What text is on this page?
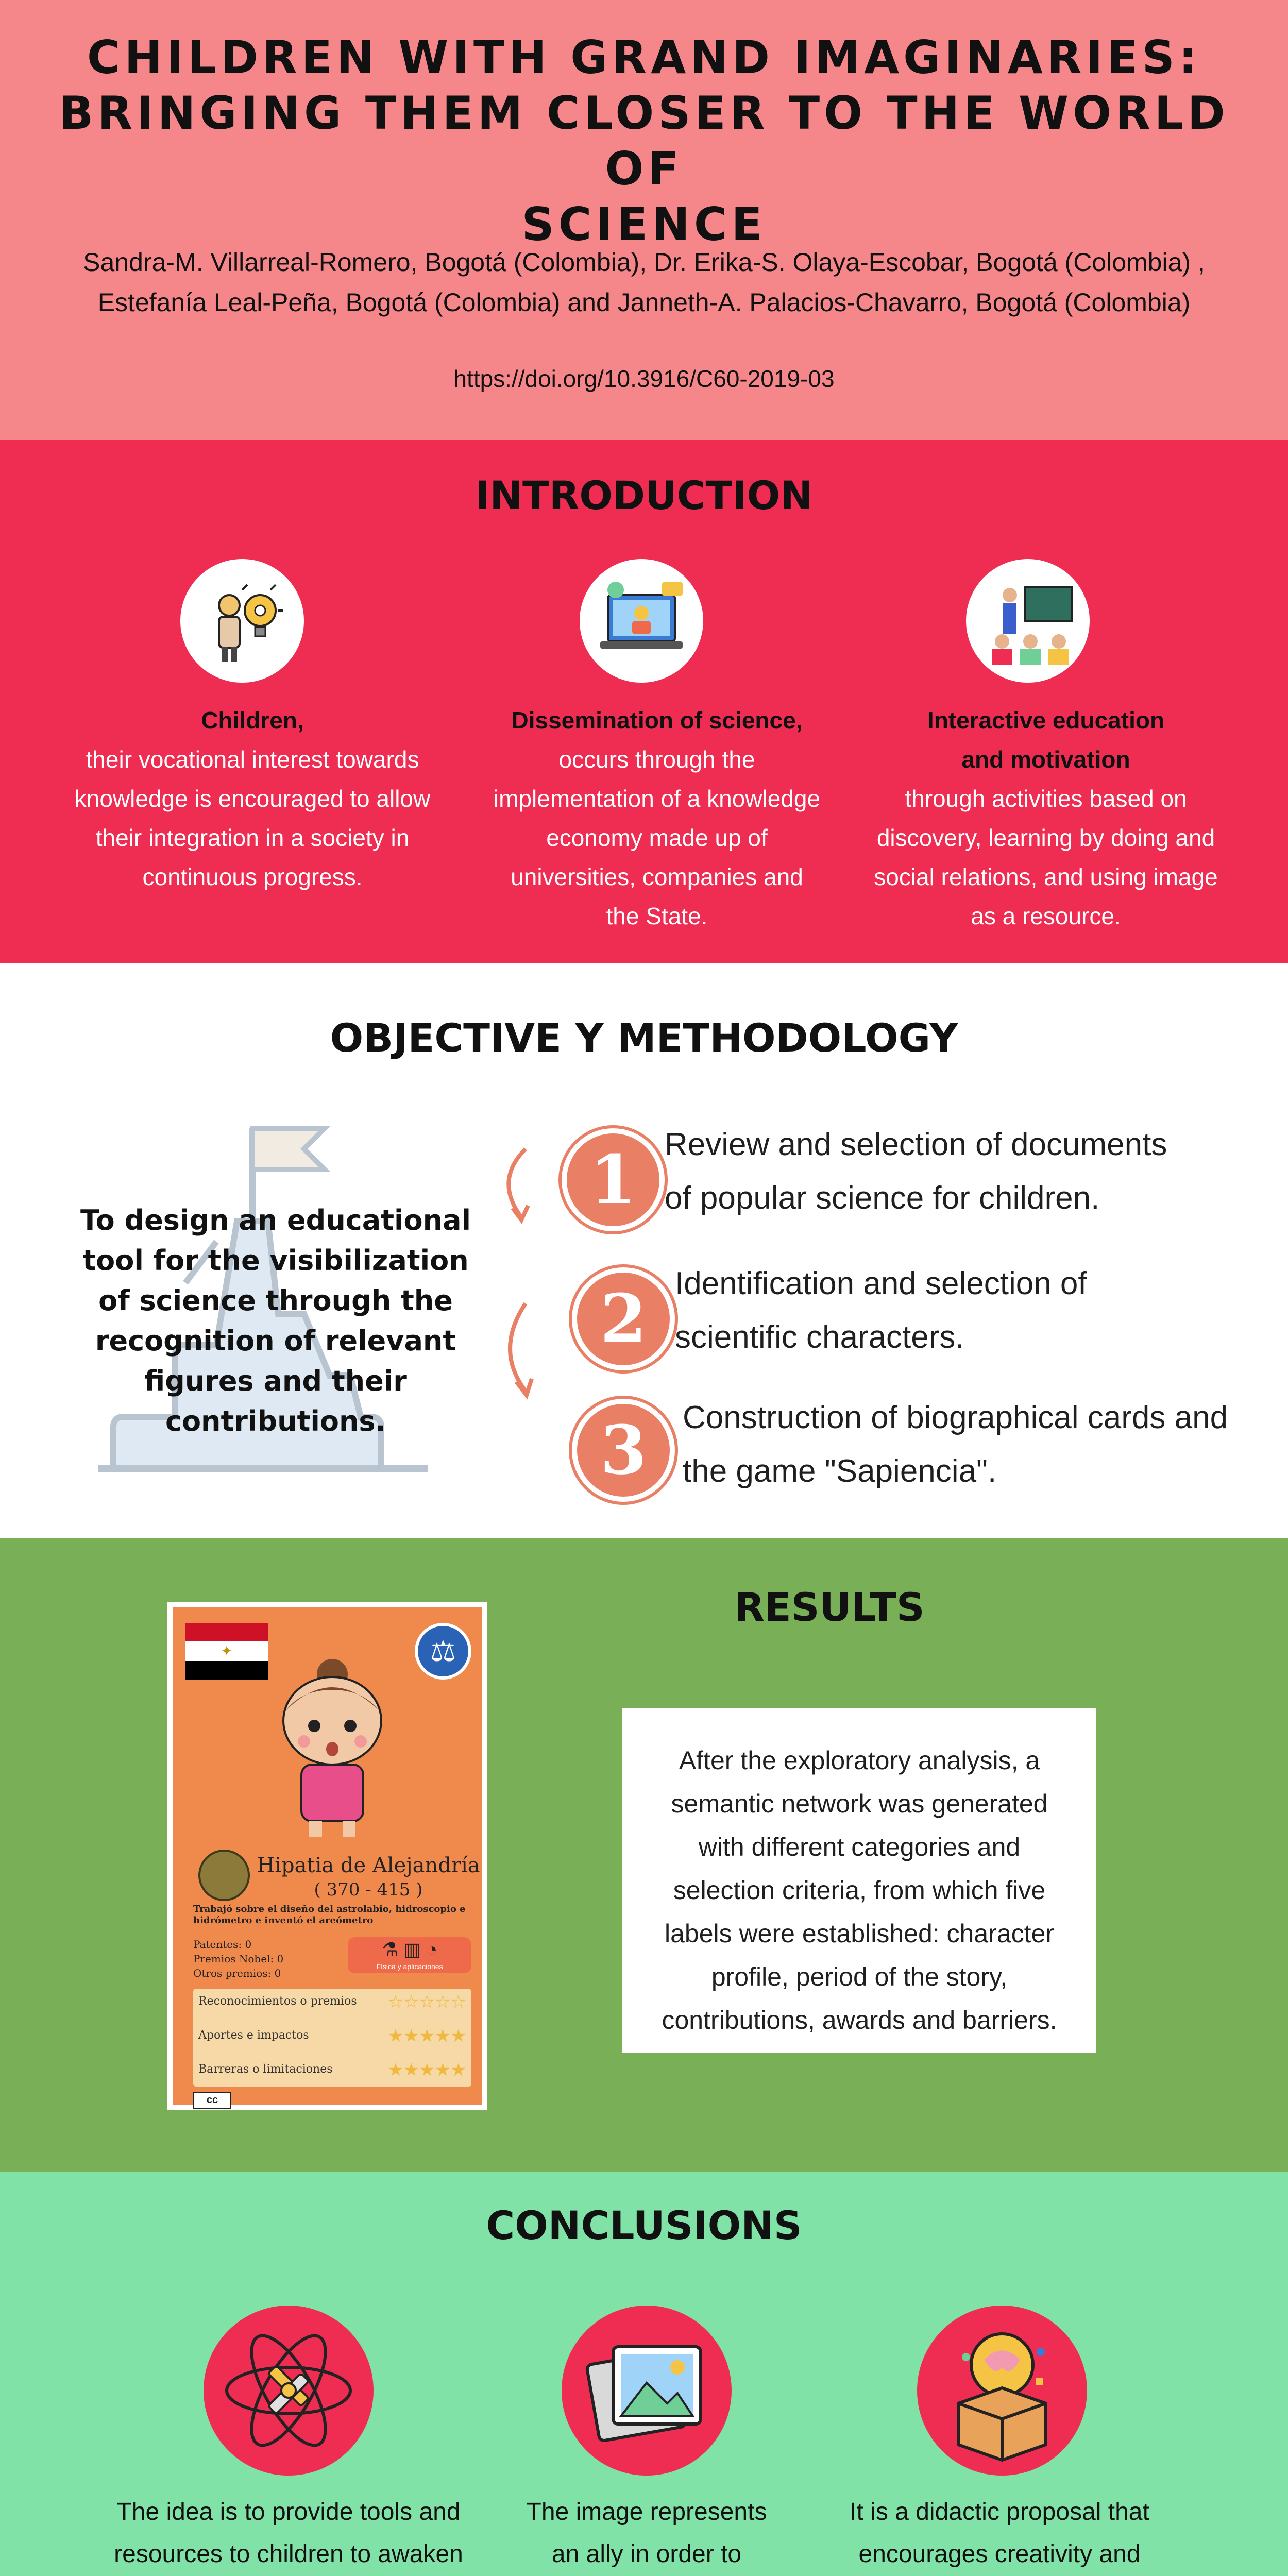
CHILDREN WITH GRAND IMAGINARIES:
BRINGING THEM CLOSER TO THE WORLD OF
SCIENCE
Sandra-M. Villarreal-Romero, Bogotá (Colombia), Dr. Erika-S. Olaya-Escobar, Bogotá (Colombia) ,
Estefanía Leal-Peña, Bogotá (Colombia) and Janneth-A. Palacios-Chavarro, Bogotá (Colombia)
https://doi.org/10.3916/C60-2019-03
INTRODUCTION
Children,
their vocational interest towards knowledge is encouraged to allow their integration in a society in continuous progress.
Dissemination of science,
occurs through the implementation of a knowledge economy made up of universities, companies and the State.
Interactive education and motivation
through activities based on discovery, learning by doing and social relations, and using image as a resource.
OBJECTIVE Y METHODOLOGY
To design an educational tool for the visibilization of science through the recognition of relevant figures and their contributions.
1 Review and selection of documents
of popular science for children.
2 Identification and selection of
scientific characters.
3	Construction of biographical cards and
the game "Sapiencia".
✦	⚖
Hipatia de Alejandría
( 370 - 415 )
Trabajó sobre el diseño del astrolabio, hidroscopio e hidrómetro e inventó el areómetro
Patentes: 0
Premios Nobel: 0
Otros premios: 0
⚗ ▥ ◔
Física y aplicaciones
Reconocimientos o premios ☆☆☆☆☆
Aportes e impactos	★★★★★
Barreras o limitaciones	★★★★★
cc
RESULTS
After the exploratory analysis, a semantic network was generated with different categories and selection criteria, from which five labels were established: character profile, period of the story, contributions, awards and barriers.
CONCLUSIONS
The idea is to provide tools and resources to children to awaken
The image represents an ally in order to
It is a didactic proposal that encourages creativity and
